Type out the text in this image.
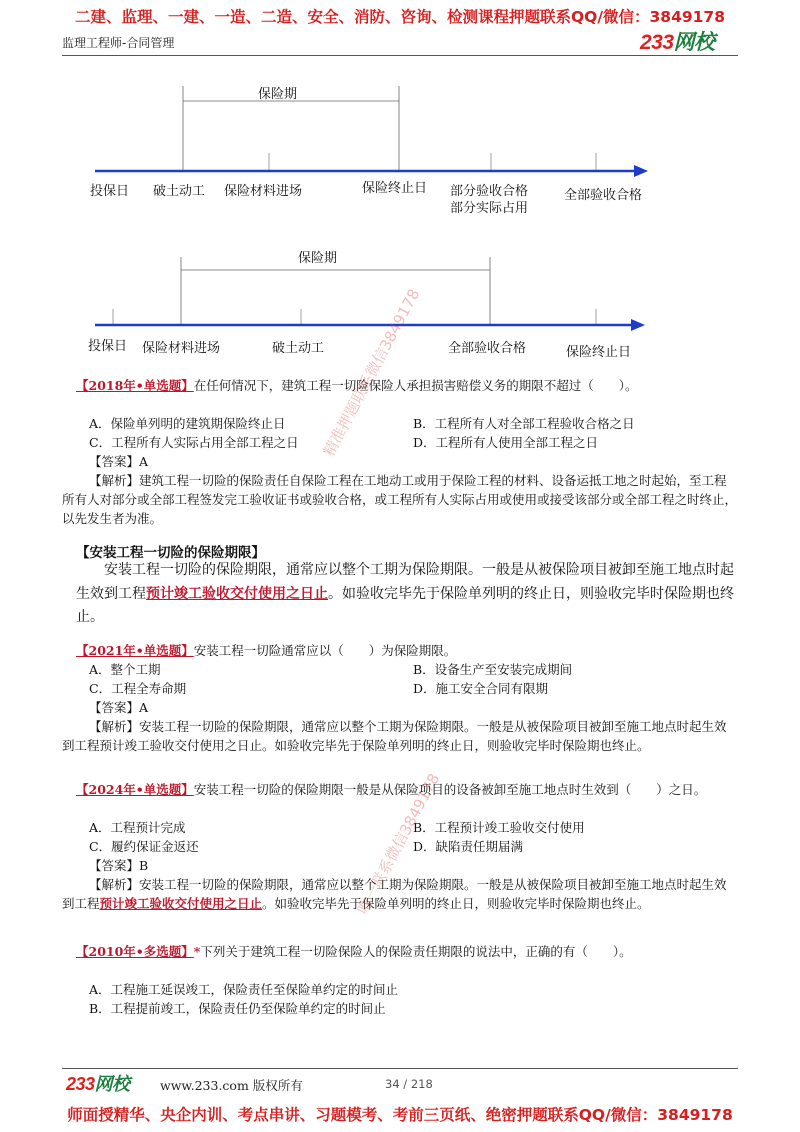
二建、监理、一建、一造、二造、安全、消防、咨询、检测课程押题联系QQ/微信：3849178
监理工程师-合同管理	233网校
保险期
投保日 破土动工 保险材料进场	保险终止日 部分验收合格
部分实际占用
全部验收合格
保险期
投保日 保险材料进场	破土动工	全部验收合格	保险终止日
【2018年•单选题】在任何情况下，建筑工程一切险保险人承担损害赔偿义务的期限不超过（　　）。
A．保险单列明的建筑期保险终止日	B．工程所有人对全部工程验收合格之日
C．工程所有人实际占用全部工程之日	D．工程所有人使用全部工程之日
【答案】A
【解析】建筑工程一切险的保险责任自保险工程在工地动工或用于保险工程的材料、设备运抵工地之时起始，至工程所有人对部分或全部工程签发完工验收证书或验收合格，或工程所有人实际占用或使用或接受该部分或全部工程之时终止，以先发生者为准。
【安装工程一切险的保险期限】
安装工程一切险的保险期限，通常应以整个工期为保险期限。一般是从被保险项目被卸至施工地点时起生效到工程预计竣工验收交付使用之日止。如验收完毕先于保险单列明的终止日，则验收完毕时保险期也终止。
【2021年•单选题】安装工程一切险通常应以（　　）为保险期限。
A．整个工期	B．设备生产至安装完成期间
C．工程全寿命期	D．施工安全合同有限期
【答案】A
【解析】安装工程一切险的保险期限，通常应以整个工期为保险期限。一般是从被保险项目被卸至施工地点时起生效到工程预计竣工验收交付使用之日止。如验收完毕先于保险单列明的终止日，则验收完毕时保险期也终止。
【2024年•单选题】安装工程一切险的保险期限一般是从保险项目的设备被卸至施工地点时生效到（　　）之日。
A．工程预计完成	B．工程预计竣工验收交付使用
C．履约保证金返还	D．缺陷责任期届满
【答案】B
【解析】安装工程一切险的保险期限，通常应以整个工期为保险期限。一般是从被保险项目被卸至施工地点时起生效到工程预计竣工验收交付使用之日止。如验收完毕先于保险单列明的终止日，则验收完毕时保险期也终止。
【2010年•多选题】*下列关于建筑工程一切险保险人的保险责任期限的说法中，正确的有（　　）。
A．工程施工延误竣工，保险责任至保险单约定的时间止
B．工程提前竣工，保险责任仍至保险单约定的时间止
精准押题联系微信3849178
唯一联系微信3849178
233网校 www.233.com 版权所有	34 / 218
师面授精华、央企内训、考点串讲、习题模考、考前三页纸、绝密押题联系QQ/微信：3849178
